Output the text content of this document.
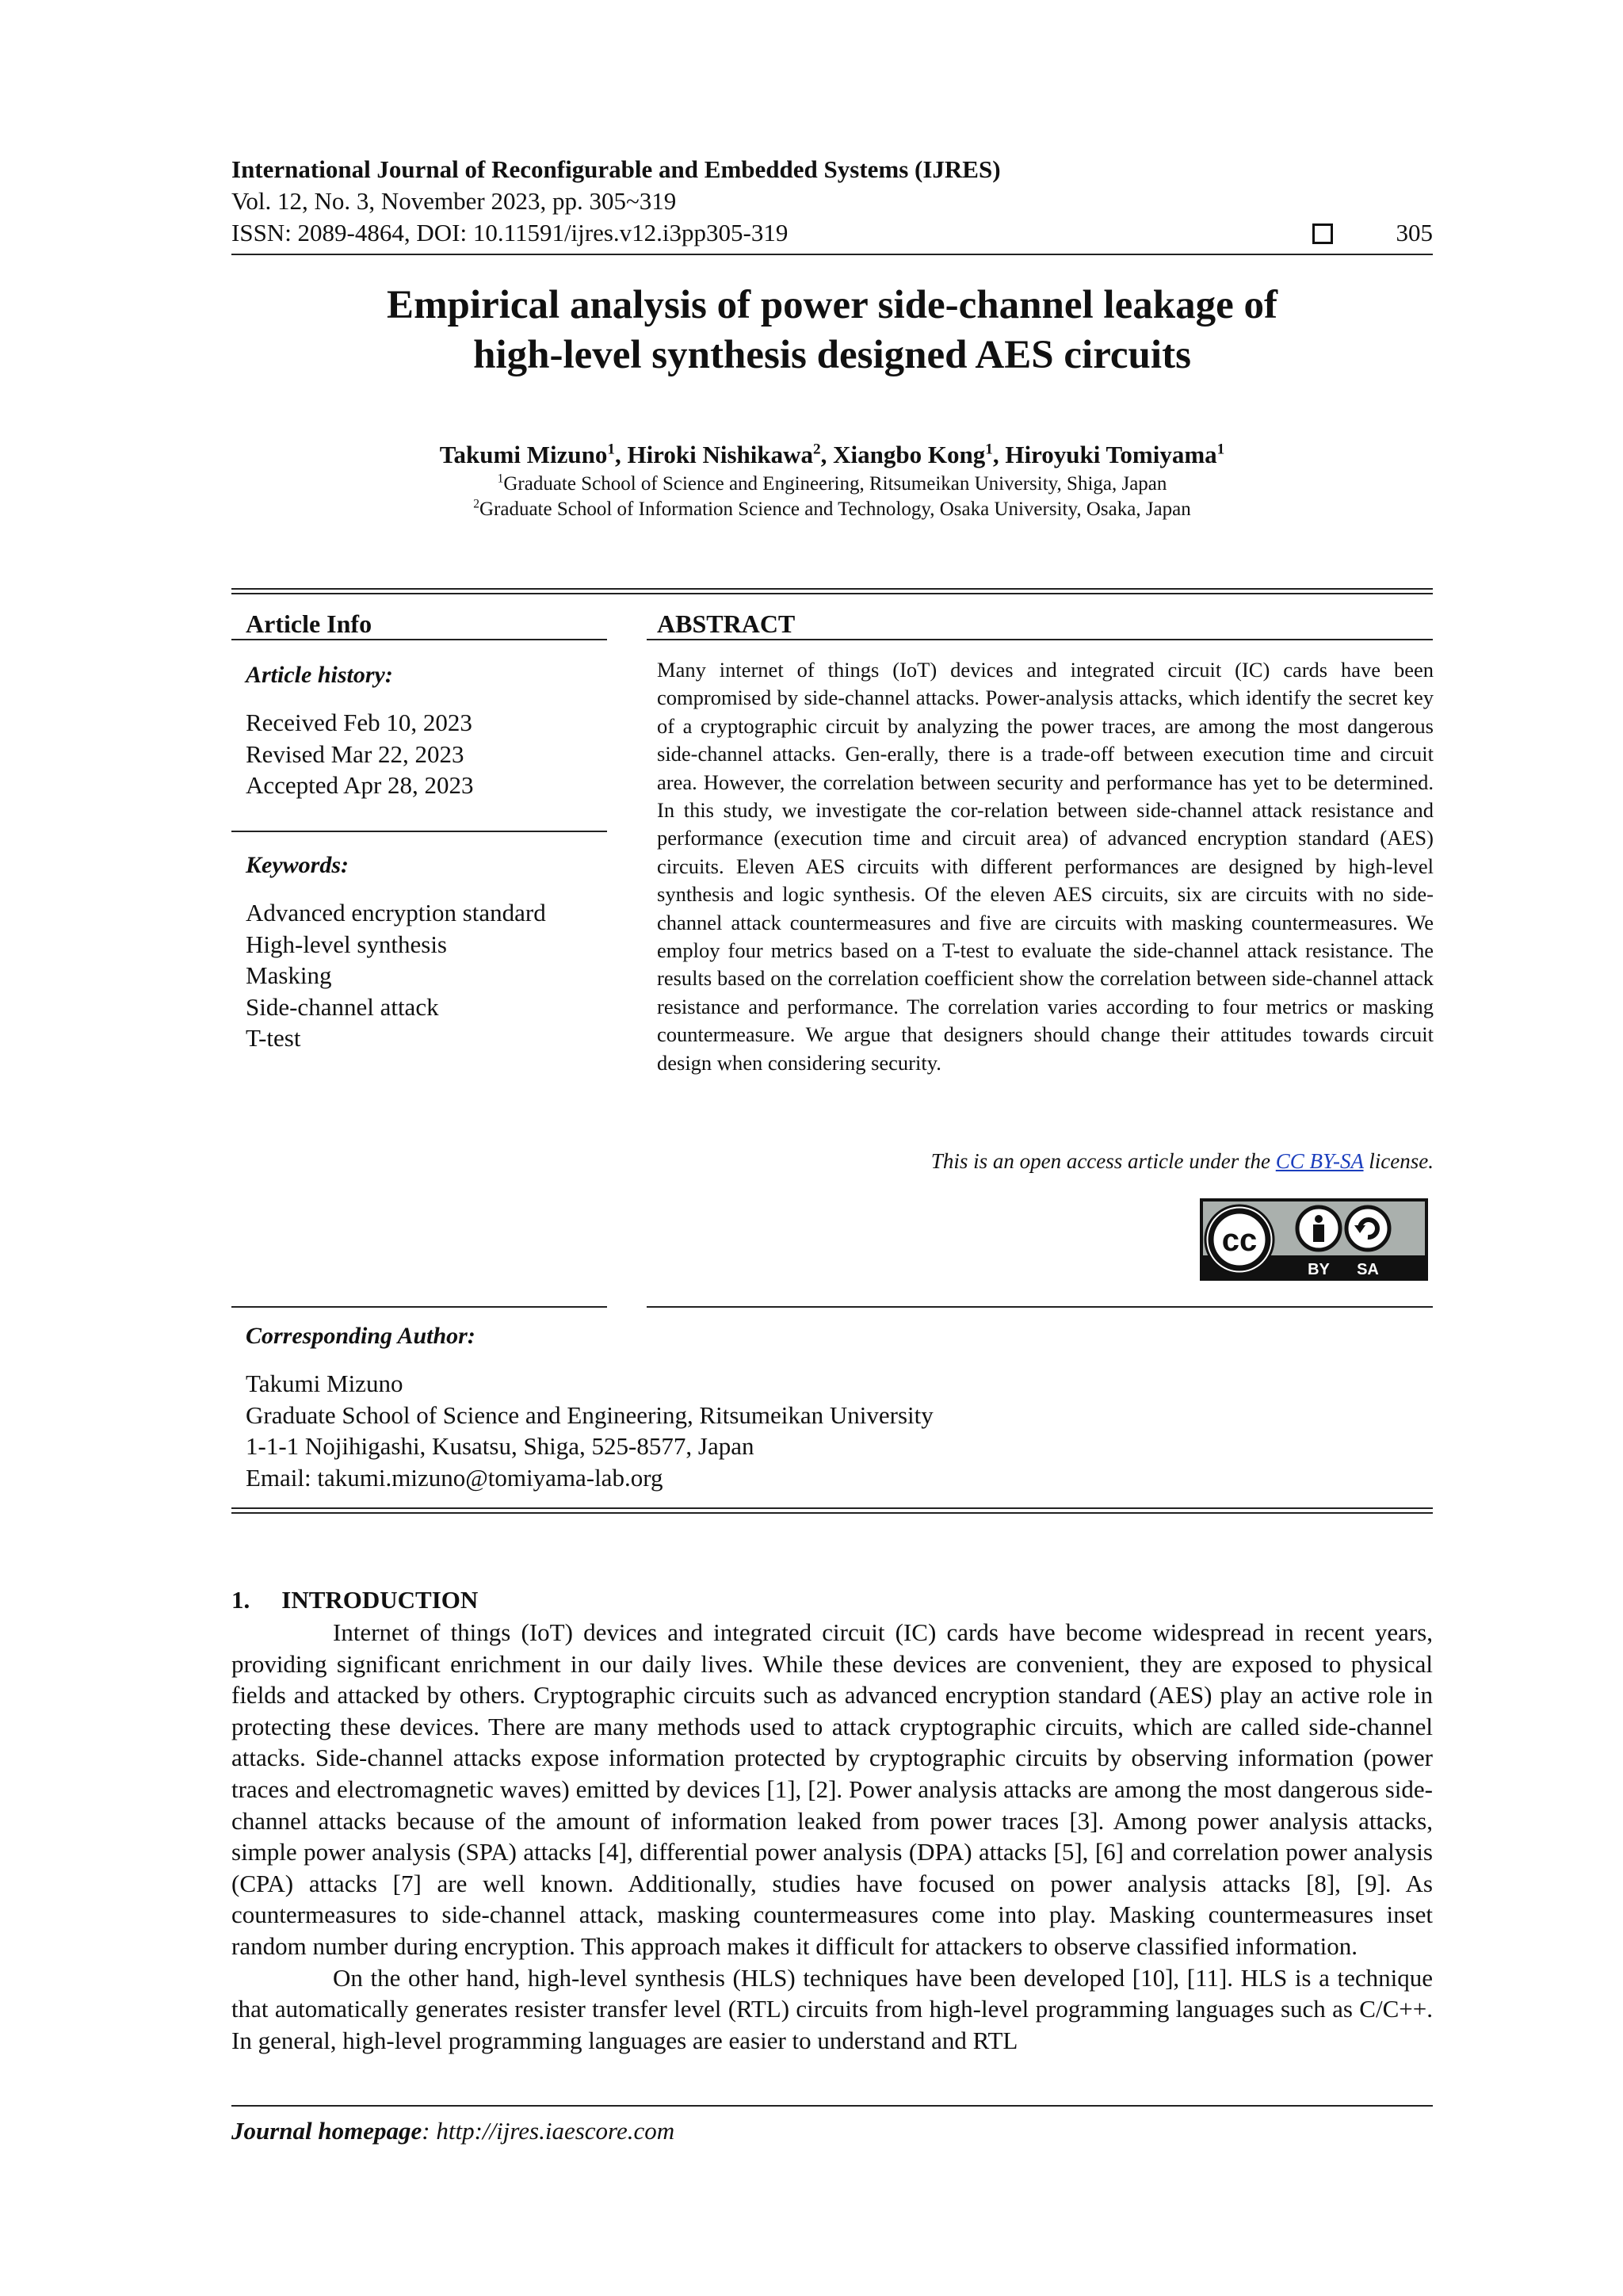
International Journal of Reconfigurable and Embedded Systems (IJRES)
Vol. 12, No. 3, November 2023, pp. 305~319
ISSN: 2089-4864, DOI: 10.11591/ijres.v12.i3pp305-319	305
Empirical analysis of power side-channel leakage of
high-level synthesis designed AES circuits
Takumi Mizuno$^1$, Hiroki Nishikawa$^2$, Xiangbo Kong$^1$, Hiroyuki Tomiyama$^1$
$^1$Graduate School of Science and Engineering, Ritsumeikan University, Shiga, Japan
$^2$Graduate School of Information Science and Technology, Osaka University, Osaka, Japan
Article Info
Article history:
Received Feb 10, 2023
Revised Mar 22, 2023
Accepted Apr 28, 2023
Keywords:
Advanced encryption standard
High-level synthesis
Masking
Side-channel attack
T-test
ABSTRACT
Many internet of things (IoT) devices and integrated circuit (IC) cards have been compromised by side-channel attacks. Power-analysis attacks, which identify the secret key of a cryptographic circuit by analyzing the power traces, are among the most dangerous side-channel attacks. Gen-erally, there is a trade-off between execution time and circuit area. However, the correlation between security and performance has yet to be determined. In this study, we investigate the cor-relation between side-channel attack resistance and performance (execution time and circuit area) of advanced encryption standard (AES) circuits. Eleven AES circuits with different performances are designed by high-level synthesis and logic synthesis. Of the eleven AES circuits, six are circuits with no side-channel attack countermeasures and five are circuits with masking countermeasures. We employ four metrics based on a T-test to evaluate the side-channel attack resistance. The results based on the correlation coefficient show the correlation between side-channel attack resistance and performance. The correlation varies according to four metrics or masking countermeasure. We argue that designers should change their attitudes towards circuit design when considering security.
This is an open access article under the CC BY-SA license.
cc
BY SA
Corresponding Author:
Takumi Mizuno
Graduate School of Science and Engineering, Ritsumeikan University
1-1-1 Nojihigashi, Kusatsu, Shiga, 525-8577, Japan
Email: takumi.mizuno@tomiyama-lab.org
1. INTRODUCTION

Internet of things (IoT) devices and integrated circuit (IC) cards have become widespread in recent years, providing significant enrichment in our daily lives. While these devices are convenient, they are exposed to physical fields and attacked by others. Cryptographic circuits such as advanced encryption standard (AES) play an active role in protecting these devices. There are many methods used to attack cryptographic circuits, which are called side-channel attacks. Side-channel attacks expose information protected by cryptographic circuits by observing information (power traces and electromagnetic waves) emitted by devices [1], [2]. Power analysis attacks are among the most dangerous side-channel attacks because of the amount of information leaked from power traces [3]. Among power analysis attacks, simple power analysis (SPA) attacks [4], differential power analysis (DPA) attacks [5], [6] and correlation power analysis (CPA) attacks [7] are well known. Additionally, studies have focused on power analysis attacks [8], [9]. As countermeasures to side-channel attack, masking countermeasures come into play. Masking countermeasures inset random number during encryption. This approach makes it difficult for attackers to observe classified information.

On the other hand, high-level synthesis (HLS) techniques have been developed [10], [11]. HLS is a technique that automatically generates resister transfer level (RTL) circuits from high-level programming languages such as C/C++. In general, high-level programming languages are easier to understand and RTL

Journal homepage: http://ijres.iaescore.com
